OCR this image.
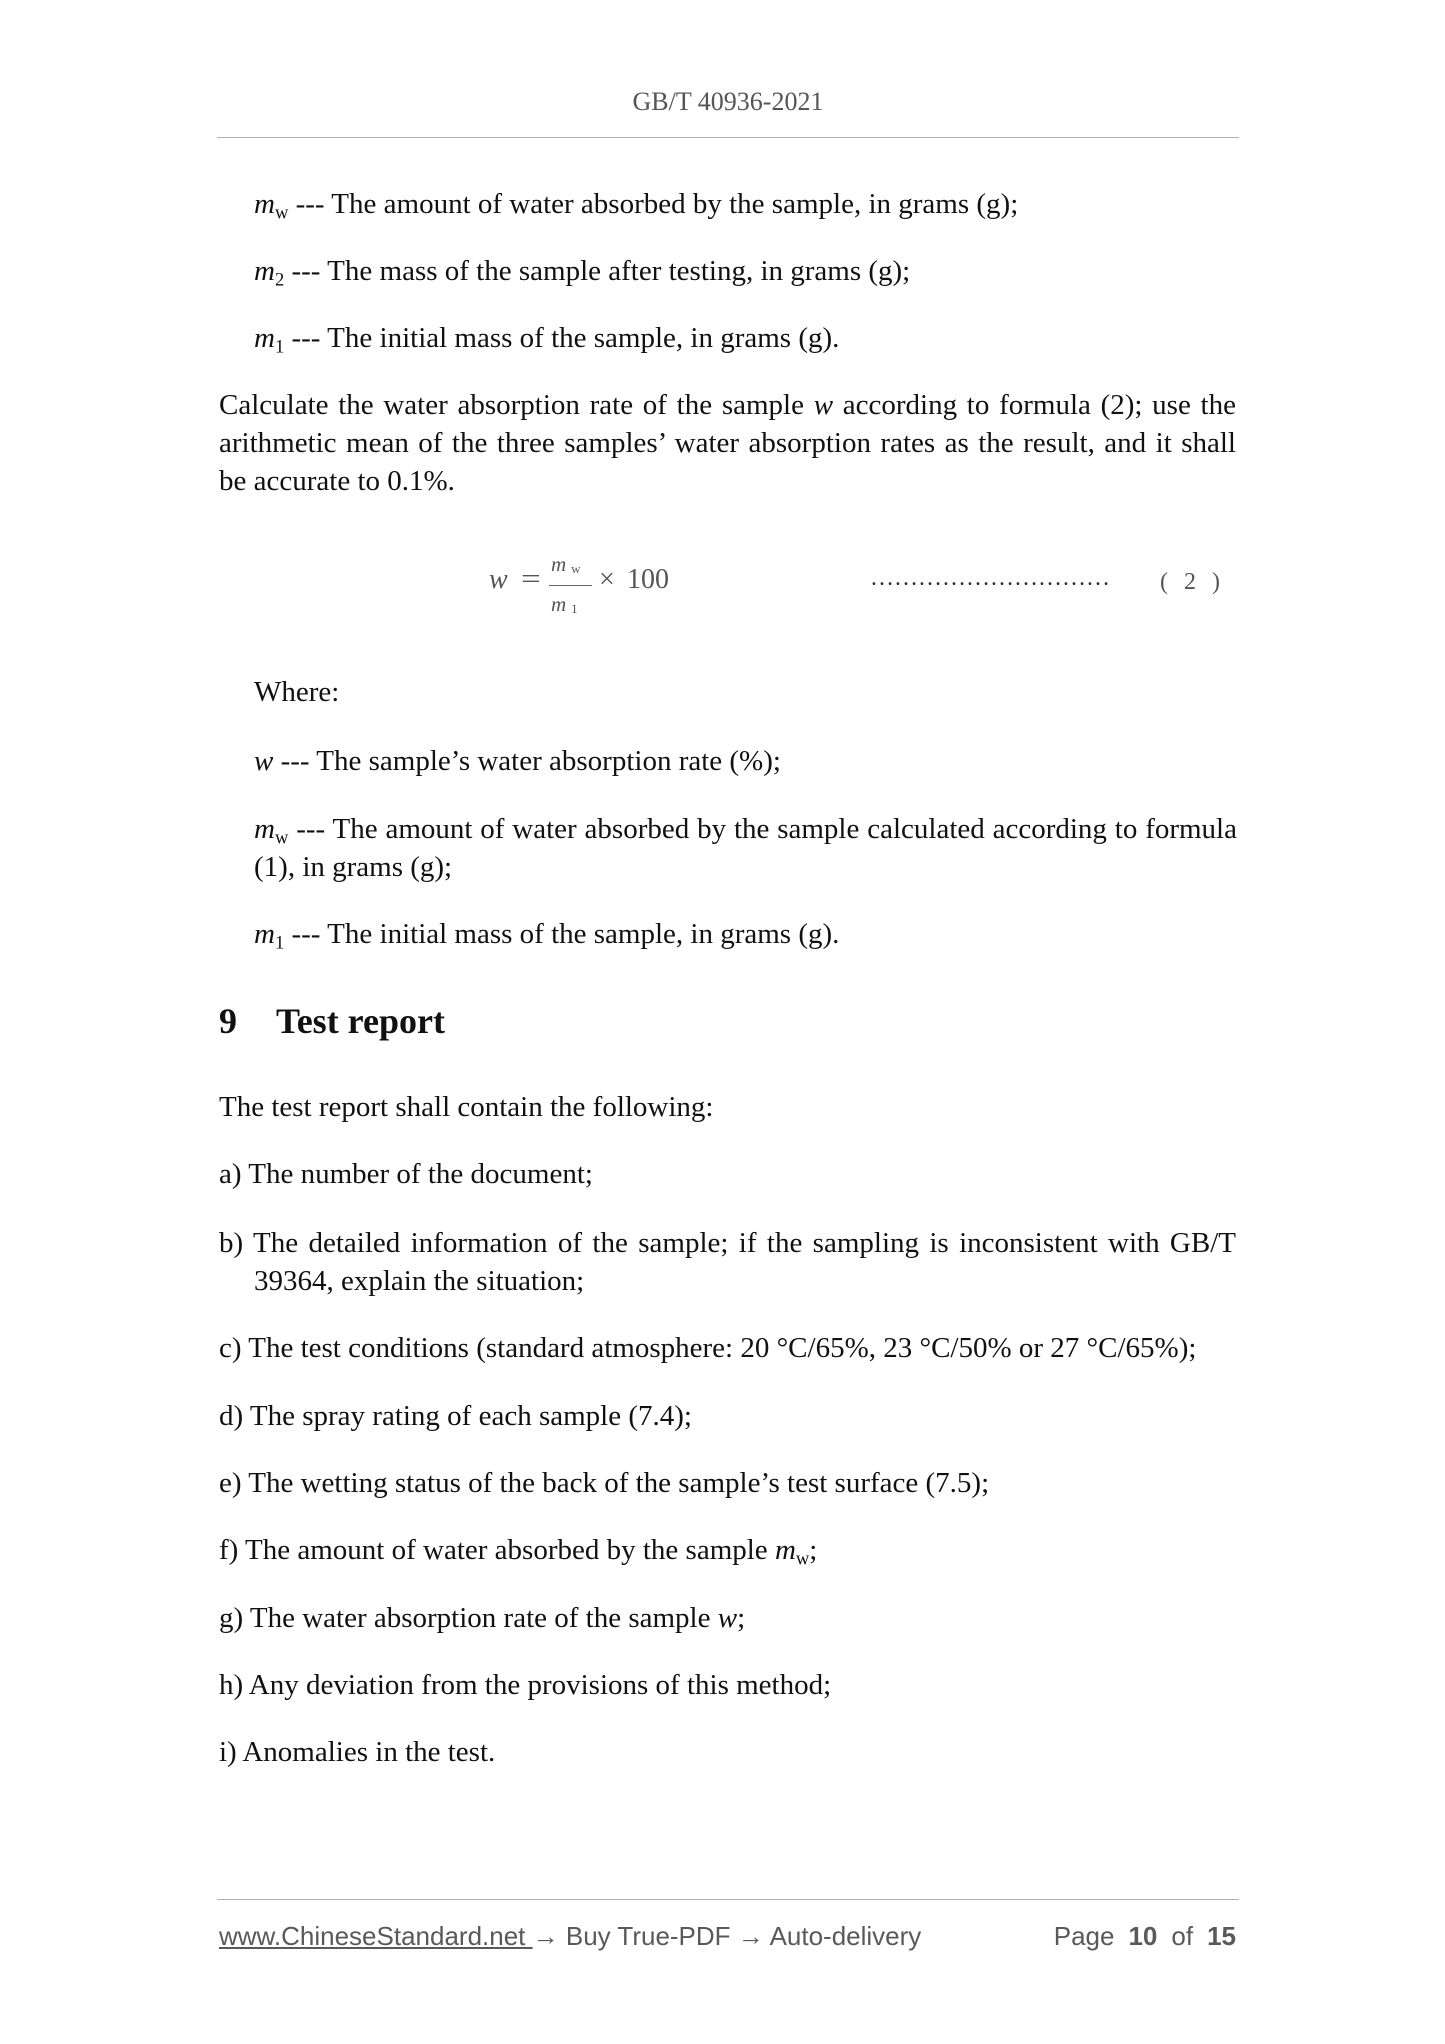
GB/T 40936-2021
$m_w$ --- The amount of water absorbed by the sample, in grams (g);
$m_2$ --- The mass of the sample after testing, in grams (g);
$m_1$ --- The initial mass of the sample, in grams (g).
Calculate the water absorption rate of the sample w according to formula (2); use the
arithmetic mean of the three samples’ water absorption rates as the result, and it shall
be accurate to 0.1%.
w = mw
m 1
× 100	………………………… ( 2 )
Where:
w --- The sample’s water absorption rate (%);
$m_w$ --- The amount of water absorbed by the sample calculated according to formula
(1), in grams (g);
$m_1$ --- The initial mass of the sample, in grams (g).
9 Test report
The test report shall contain the following:
a) The number of the document;
b) The detailed information of the sample; if the sampling is inconsistent with GB/T
39364, explain the situation;
c) The test conditions (standard atmosphere: 20 °C/65%, 23 °C/50% or 27 °C/65%);
d) The spray rating of each sample (7.4);
e) The wetting status of the back of the sample’s test surface (7.5);
f) The amount of water absorbed by the sample $m_w$;
g) The water absorption rate of the sample w;
h) Any deviation from the provisions of this method;
i) Anomalies in the test.
www.ChineseStandard.net → Buy True-PDF → Auto-delivery	Page 10 of 15
